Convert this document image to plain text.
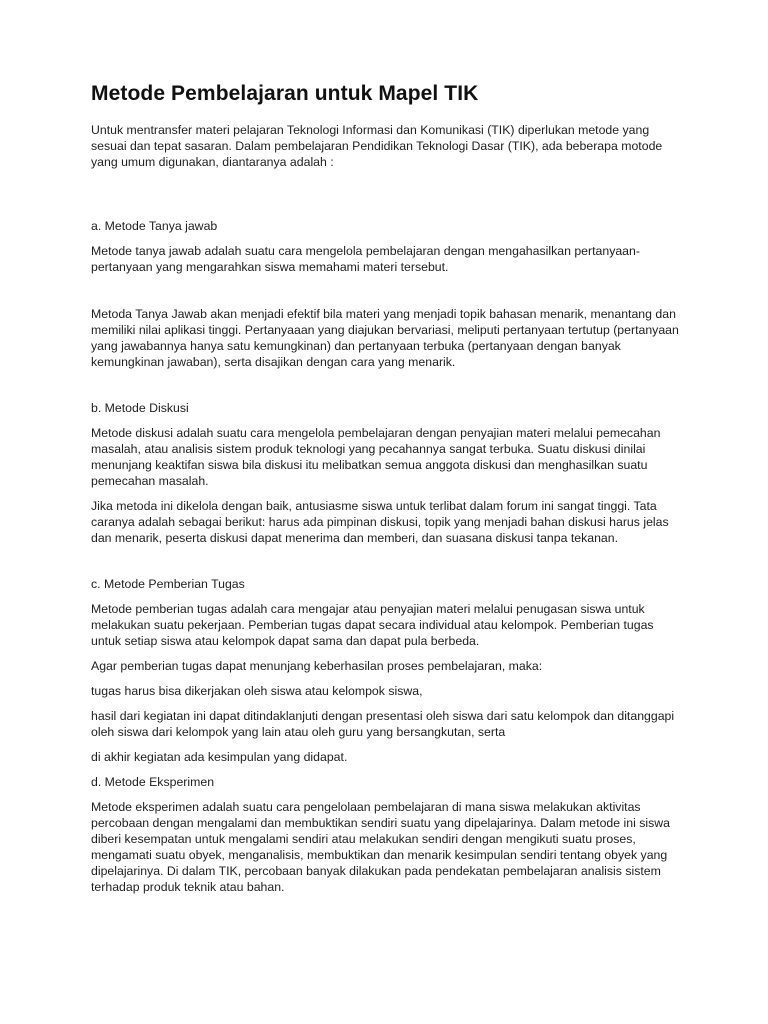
Metode Pembelajaran untuk Mapel TIK

Untuk mentransfer materi pelajaran Teknologi Informasi dan Komunikasi (TIK) diperlukan metode yang sesuai dan tepat sasaran. Dalam pembelajaran Pendidikan Teknologi Dasar (TIK), ada beberapa motode yang umum digunakan, diantaranya adalah :

a. Metode Tanya jawab

Metode tanya jawab adalah suatu cara mengelola pembelajaran dengan mengahasilkan pertanyaan-pertanyaan yang mengarahkan siswa memahami materi tersebut.

Metoda Tanya Jawab akan menjadi efektif bila materi yang menjadi topik bahasan menarik, menantang dan memiliki nilai aplikasi tinggi. Pertanyaaan yang diajukan bervariasi, meliputi pertanyaan tertutup (pertanyaan yang jawabannya hanya satu kemungkinan) dan pertanyaan terbuka (pertanyaan dengan banyak kemungkinan jawaban), serta disajikan dengan cara yang menarik.

b. Metode Diskusi

Metode diskusi adalah suatu cara mengelola pembelajaran dengan penyajian materi melalui pemecahan masalah, atau analisis sistem produk teknologi yang pecahannya sangat terbuka. Suatu diskusi dinilai menunjang keaktifan siswa bila diskusi itu melibatkan semua anggota diskusi dan menghasilkan suatu pemecahan masalah.

Jika metoda ini dikelola dengan baik, antusiasme siswa untuk terlibat dalam forum ini sangat tinggi. Tata caranya adalah sebagai berikut: harus ada pimpinan diskusi, topik yang menjadi bahan diskusi harus jelas dan menarik, peserta diskusi dapat menerima dan memberi, dan suasana diskusi tanpa tekanan.

c. Metode Pemberian Tugas

Metode pemberian tugas adalah cara mengajar atau penyajian materi melalui penugasan siswa untuk melakukan suatu pekerjaan. Pemberian tugas dapat secara individual atau kelompok. Pemberian tugas untuk setiap siswa atau kelompok dapat sama dan dapat pula berbeda.

Agar pemberian tugas dapat menunjang keberhasilan proses pembelajaran, maka:

tugas harus bisa dikerjakan oleh siswa atau kelompok siswa,

hasil dari kegiatan ini dapat ditindaklanjuti dengan presentasi oleh siswa dari satu kelompok dan ditanggapi oleh siswa dari kelompok yang lain atau oleh guru yang bersangkutan, serta

di akhir kegiatan ada kesimpulan yang didapat.

d. Metode Eksperimen

Metode eksperimen adalah suatu cara pengelolaan pembelajaran di mana siswa melakukan aktivitas percobaan dengan mengalami dan membuktikan sendiri suatu yang dipelajarinya. Dalam metode ini siswa diberi kesempatan untuk mengalami sendiri atau melakukan sendiri dengan mengikuti suatu proses, mengamati suatu obyek, menganalisis, membuktikan dan menarik kesimpulan sendiri tentang obyek yang dipelajarinya. Di dalam TIK, percobaan banyak dilakukan pada pendekatan pembelajaran analisis sistem terhadap produk teknik atau bahan.
